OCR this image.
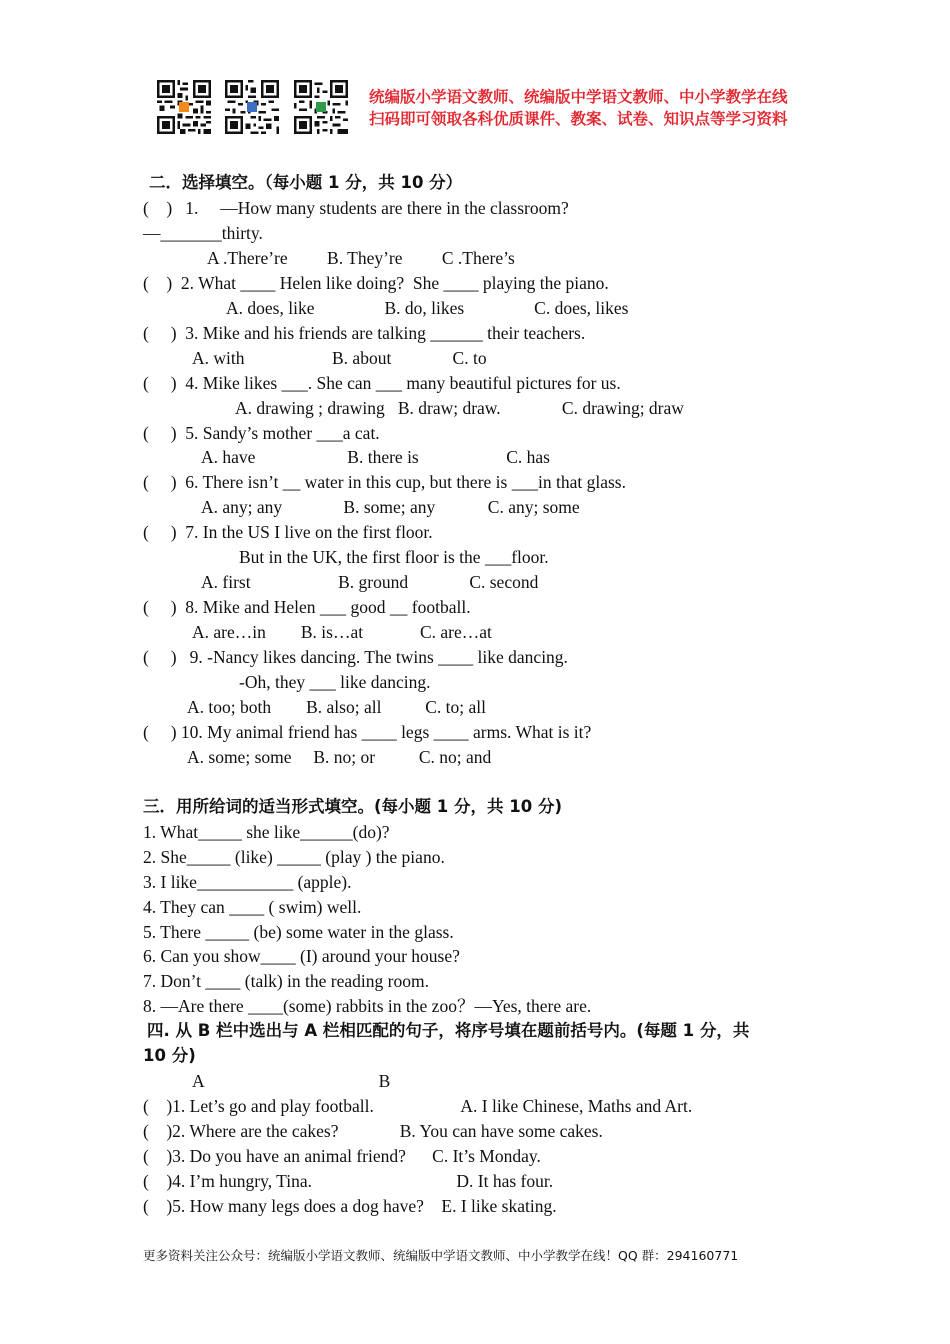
统编版小学语文教师、统编版中学语文教师、中小学教学在线
扫码即可领取各科优质课件、教案、试卷、知识点等学习资料
二．选择填空。（每小题 1 分，共 10 分）
(    )   1.     —How many students are there in the classroom?
—_______thirty.
A .There’re         B. They’re         C .There’s
(    )  2. What ____ Helen like doing?  She ____ playing the piano.
A. does, like                B. do, likes                C. does, likes
(     )  3. Mike and his friends are talking ______ their teachers.
A. with                    B. about              C. to
(     )  4. Mike likes ___. She can ___ many beautiful pictures for us.
A. drawing ; drawing   B. draw; draw.              C. drawing; draw
(     )  5. Sandy’s mother ___a cat.
A. have                     B. there is                    C. has
(     )  6. There isn’t __ water in this cup, but there is ___in that glass.
A. any; any              B. some; any            C. any; some
(     )  7. In the US I live on the first floor.
But in the UK, the first floor is the ___floor.
A. first                    B. ground              C. second
(     )  8. Mike and Helen ___ good __ football.
A. are…in        B. is…at             C. are…at
(     )   9. -Nancy likes dancing. The twins ____ like dancing.
-Oh, they ___ like dancing.
A. too; both        B. also; all          C. to; all
(     ) 10. My animal friend has ____ legs ____ arms. What is it?
A. some; some     B. no; or          C. no; and
三．用所给词的适当形式填空。(每小题 1 分，共 10 分)
1. What_____ she like______(do)?
2. She_____ (like) _____ (play ) the piano.
3. I like___________ (apple).
4. They can ____ ( swim) well.
5. There _____ (be) some water in the glass.
6. Can you show____ (I) around your house?
7. Don’t ____ (talk) in the reading room.
8. —Are there ____(some) rabbits in the zoo？—Yes, there are.
四. 从 B 栏中选出与 A 栏相匹配的句子，将序号填在题前括号内。(每题 1 分，共
10 分)
A                                        B
(    )1. Let’s go and play football.                    A. I like Chinese, Maths and Art.
(    )2. Where are the cakes?              B. You can have some cakes.
(    )3. Do you have an animal friend?      C. It’s Monday.
(    )4. I’m hungry, Tina.                                 D. It has four.
(    )5. How many legs does a dog have?    E. I like skating.
更多资料关注公众号：统编版小学语文教师、统编版中学语文教师、中小学教学在线！QQ 群：294160771
